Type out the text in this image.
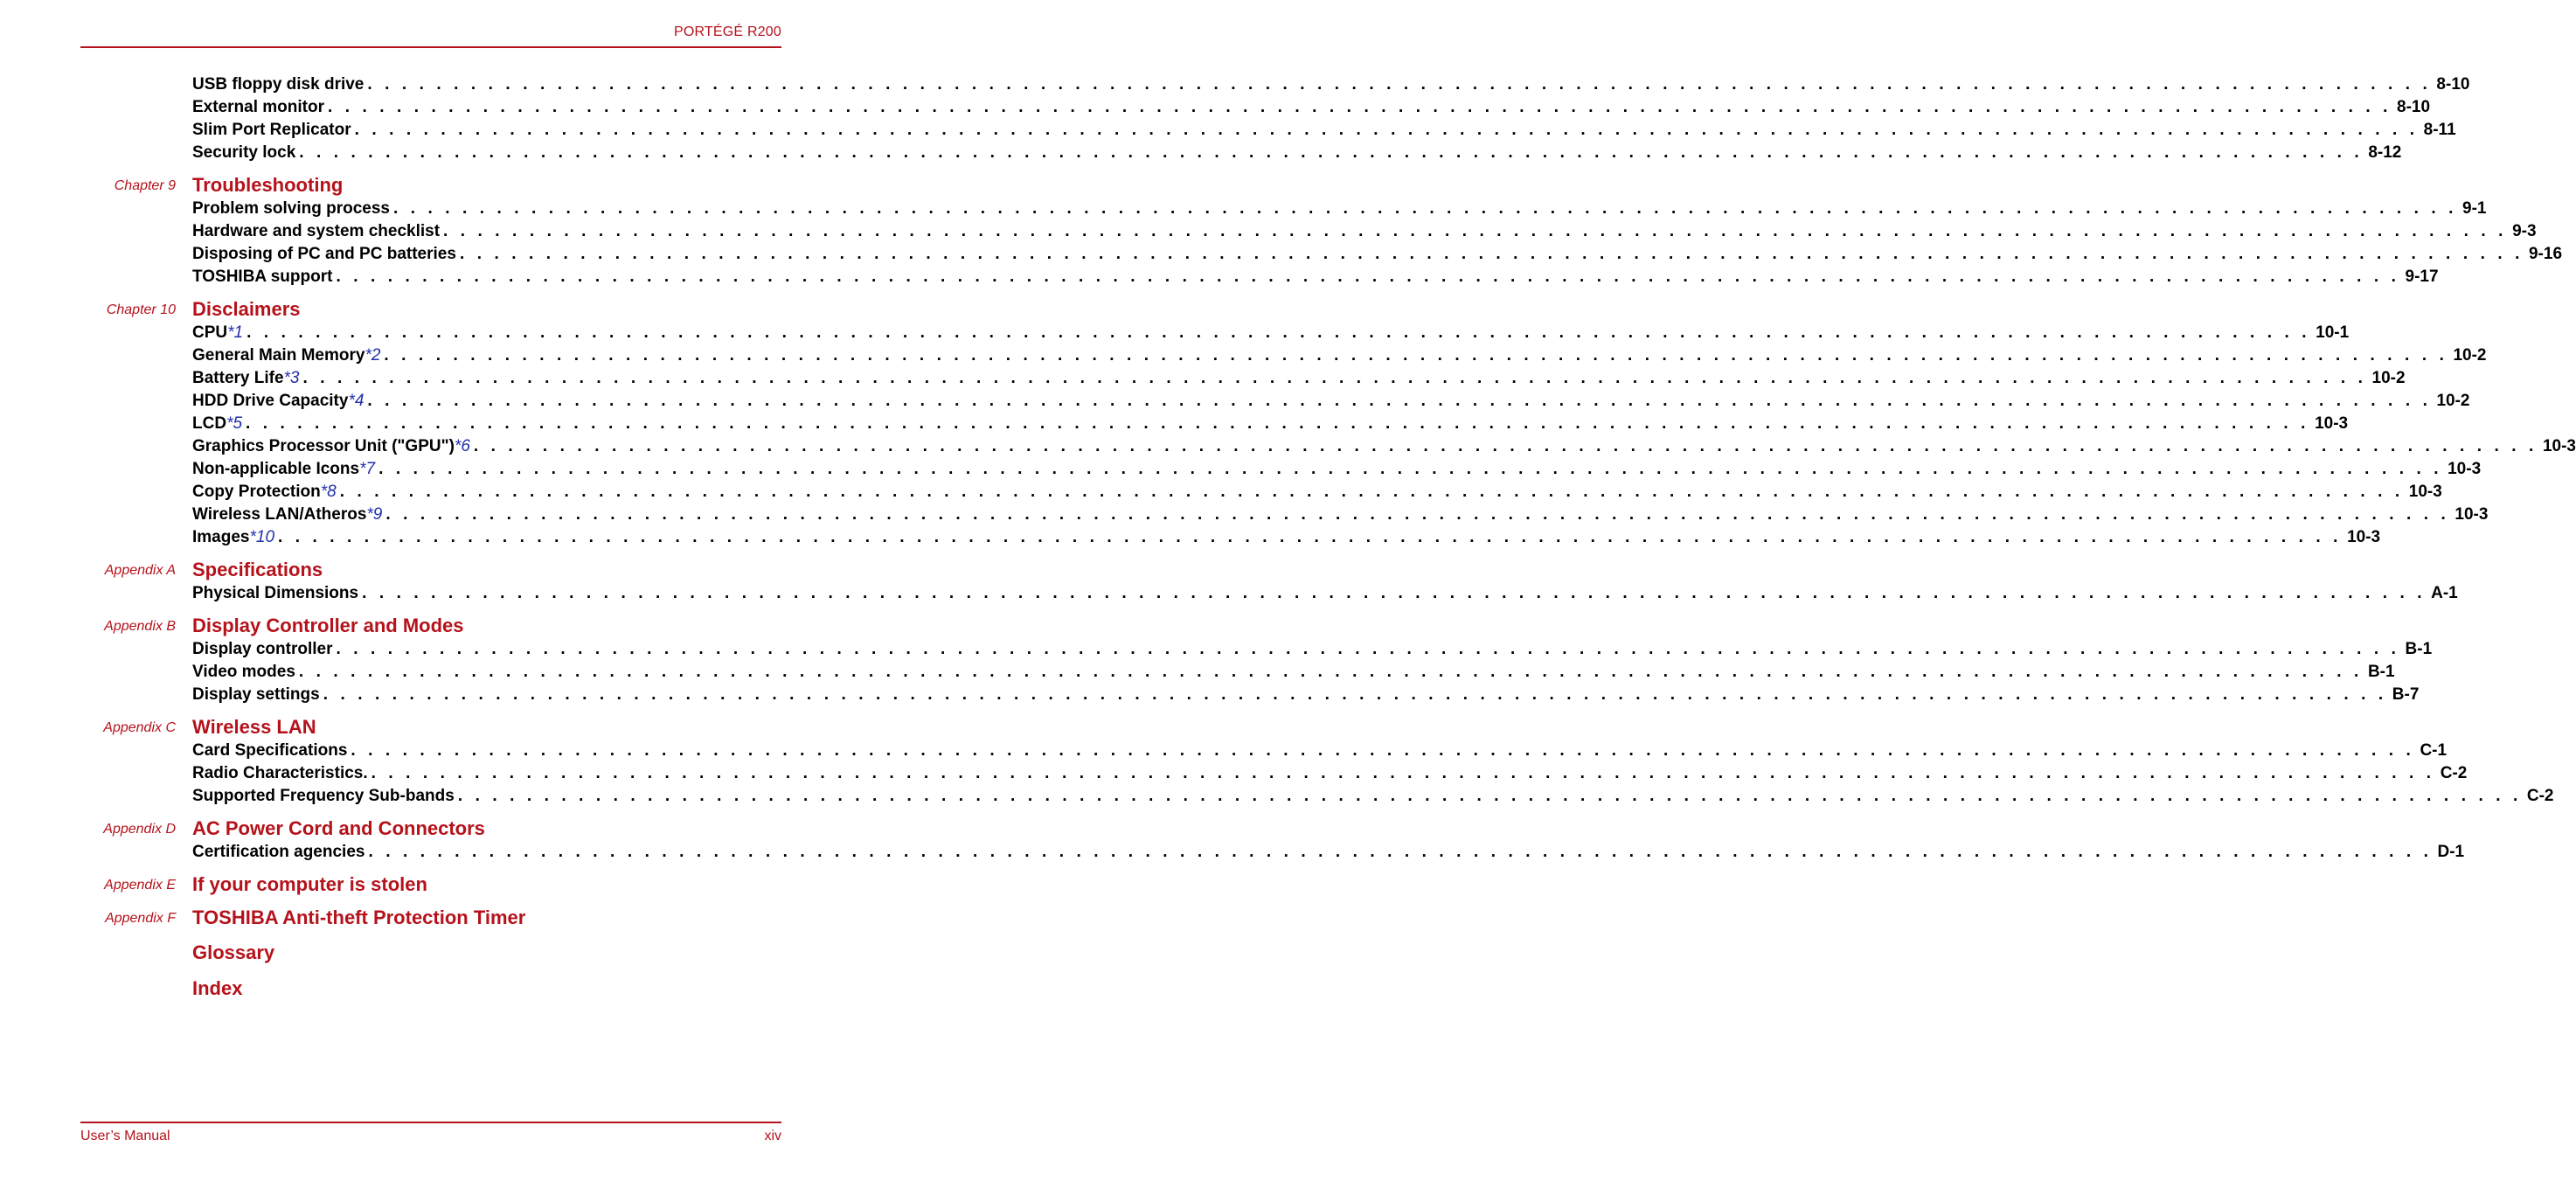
PORTÉGÉ R200
USB floppy disk drive . . . . . . . . . . . . . . . . . . . . . . . . . . . . . . . . . . . . . . . . . . . . . . . . . . . . . . . . . . . . . . . . . . . . . . . . . . . . . . . . . . . . . . . . . . . . . . . . . . . . . . . . . . . . . . . . . . . . . . . . 8-10
External monitor . . . . . . . . . . . . . . . . . . . . . . . . . . . . . . . . . . . . . . . . . . . . . . . . . . . . . . . . . . . . . . . . . . . . . . . . . . . . . . . . . . . . . . . . . . . . . . . . . . . . . . . . . . . . . . . . . . . . . . . . 8-10
Slim Port Replicator . . . . . . . . . . . . . . . . . . . . . . . . . . . . . . . . . . . . . . . . . . . . . . . . . . . . . . . . . . . . . . . . . . . . . . . . . . . . . . . . . . . . . . . . . . . . . . . . . . . . . . . . . . . . . . . . . . . . . . . . 8-11
Security lock . . . . . . . . . . . . . . . . . . . . . . . . . . . . . . . . . . . . . . . . . . . . . . . . . . . . . . . . . . . . . . . . . . . . . . . . . . . . . . . . . . . . . . . . . . . . . . . . . . . . . . . . . . . . . . . . . . . . . . . . 8-12
Chapter 9 Troubleshooting
Problem solving process . . . . . . . . . . . . . . . . . . . . . . . . . . . . . . . . . . . . . . . . . . . . . . . . . . . . . . . . . . . . . . . . . . . . . . . . . . . . . . . . . . . . . . . . . . . . . . . . . . . . . . . . . . . . . . . . . . . . . . . . 9-1
Hardware and system checklist . . . . . . . . . . . . . . . . . . . . . . . . . . . . . . . . . . . . . . . . . . . . . . . . . . . . . . . . . . . . . . . . . . . . . . . . . . . . . . . . . . . . . . . . . . . . . . . . . . . . . . . . . . . . . . . . . . . . . . . . 9-3
Disposing of PC and PC batteries . . . . . . . . . . . . . . . . . . . . . . . . . . . . . . . . . . . . . . . . . . . . . . . . . . . . . . . . . . . . . . . . . . . . . . . . . . . . . . . . . . . . . . . . . . . . . . . . . . . . . . . . . . . . . . . . . . . . . . . . 9-16
TOSHIBA support . . . . . . . . . . . . . . . . . . . . . . . . . . . . . . . . . . . . . . . . . . . . . . . . . . . . . . . . . . . . . . . . . . . . . . . . . . . . . . . . . . . . . . . . . . . . . . . . . . . . . . . . . . . . . . . . . . . . . . . . 9-17
Chapter 10 Disclaimers
CPU*1 . . . . . . . . . . . . . . . . . . . . . . . . . . . . . . . . . . . . . . . . . . . . . . . . . . . . . . . . . . . . . . . . . . . . . . . . . . . . . . . . . . . . . . . . . . . . . . . . . . . . . . . . . . . . . . . . . . . . . . . . 10-1
General Main Memory*2 . . . . . . . . . . . . . . . . . . . . . . . . . . . . . . . . . . . . . . . . . . . . . . . . . . . . . . . . . . . . . . . . . . . . . . . . . . . . . . . . . . . . . . . . . . . . . . . . . . . . . . . . . . . . . . . . . . . . . . . . 10-2
Battery Life*3 . . . . . . . . . . . . . . . . . . . . . . . . . . . . . . . . . . . . . . . . . . . . . . . . . . . . . . . . . . . . . . . . . . . . . . . . . . . . . . . . . . . . . . . . . . . . . . . . . . . . . . . . . . . . . . . . . . . . . . . . 10-2
HDD Drive Capacity*4 . . . . . . . . . . . . . . . . . . . . . . . . . . . . . . . . . . . . . . . . . . . . . . . . . . . . . . . . . . . . . . . . . . . . . . . . . . . . . . . . . . . . . . . . . . . . . . . . . . . . . . . . . . . . . . . . . . . . . . . . 10-2
LCD*5 . . . . . . . . . . . . . . . . . . . . . . . . . . . . . . . . . . . . . . . . . . . . . . . . . . . . . . . . . . . . . . . . . . . . . . . . . . . . . . . . . . . . . . . . . . . . . . . . . . . . . . . . . . . . . . . . . . . . . . . . 10-3
Graphics Processor Unit ("GPU")*6 . . . . . . . . . . . . . . . . . . . . . . . . . . . . . . . . . . . . . . . . . . . . . . . . . . . . . . . . . . . . . . . . . . . . . . . . . . . . . . . . . . . . . . . . . . . . . . . . . . . . . . . . . . . . . . . . . . . . . . . . 10-3
Non-applicable Icons*7 . . . . . . . . . . . . . . . . . . . . . . . . . . . . . . . . . . . . . . . . . . . . . . . . . . . . . . . . . . . . . . . . . . . . . . . . . . . . . . . . . . . . . . . . . . . . . . . . . . . . . . . . . . . . . . . . . . . . . . . . 10-3
Copy Protection*8 . . . . . . . . . . . . . . . . . . . . . . . . . . . . . . . . . . . . . . . . . . . . . . . . . . . . . . . . . . . . . . . . . . . . . . . . . . . . . . . . . . . . . . . . . . . . . . . . . . . . . . . . . . . . . . . . . . . . . . . . 10-3
Wireless LAN/Atheros*9 . . . . . . . . . . . . . . . . . . . . . . . . . . . . . . . . . . . . . . . . . . . . . . . . . . . . . . . . . . . . . . . . . . . . . . . . . . . . . . . . . . . . . . . . . . . . . . . . . . . . . . . . . . . . . . . . . . . . . . . . 10-3
Images*10 . . . . . . . . . . . . . . . . . . . . . . . . . . . . . . . . . . . . . . . . . . . . . . . . . . . . . . . . . . . . . . . . . . . . . . . . . . . . . . . . . . . . . . . . . . . . . . . . . . . . . . . . . . . . . . . . . . . . . . . . 10-3
Appendix A Specifications
Physical Dimensions . . . . . . . . . . . . . . . . . . . . . . . . . . . . . . . . . . . . . . . . . . . . . . . . . . . . . . . . . . . . . . . . . . . . . . . . . . . . . . . . . . . . . . . . . . . . . . . . . . . . . . . . . . . . . . . . . . . . . . . . A-1
Appendix B Display Controller and Modes
Display controller . . . . . . . . . . . . . . . . . . . . . . . . . . . . . . . . . . . . . . . . . . . . . . . . . . . . . . . . . . . . . . . . . . . . . . . . . . . . . . . . . . . . . . . . . . . . . . . . . . . . . . . . . . . . . . . . . . . . . . . . B-1
Video modes . . . . . . . . . . . . . . . . . . . . . . . . . . . . . . . . . . . . . . . . . . . . . . . . . . . . . . . . . . . . . . . . . . . . . . . . . . . . . . . . . . . . . . . . . . . . . . . . . . . . . . . . . . . . . . . . . . . . . . . . B-1
Display settings . . . . . . . . . . . . . . . . . . . . . . . . . . . . . . . . . . . . . . . . . . . . . . . . . . . . . . . . . . . . . . . . . . . . . . . . . . . . . . . . . . . . . . . . . . . . . . . . . . . . . . . . . . . . . . . . . . . . . . . . B-7
Appendix C Wireless LAN
Card Specifications . . . . . . . . . . . . . . . . . . . . . . . . . . . . . . . . . . . . . . . . . . . . . . . . . . . . . . . . . . . . . . . . . . . . . . . . . . . . . . . . . . . . . . . . . . . . . . . . . . . . . . . . . . . . . . . . . . . . . . . . C-1
Radio Characteristics. . . . . . . . . . . . . . . . . . . . . . . . . . . . . . . . . . . . . . . . . . . . . . . . . . . . . . . . . . . . . . . . . . . . . . . . . . . . . . . . . . . . . . . . . . . . . . . . . . . . . . . . . . . . . . . . . . . . . . . . . C-2
Supported Frequency Sub-bands . . . . . . . . . . . . . . . . . . . . . . . . . . . . . . . . . . . . . . . . . . . . . . . . . . . . . . . . . . . . . . . . . . . . . . . . . . . . . . . . . . . . . . . . . . . . . . . . . . . . . . . . . . . . . . . . . . . . . . . . C-2
Appendix D AC Power Cord and Connectors
Certification agencies . . . . . . . . . . . . . . . . . . . . . . . . . . . . . . . . . . . . . . . . . . . . . . . . . . . . . . . . . . . . . . . . . . . . . . . . . . . . . . . . . . . . . . . . . . . . . . . . . . . . . . . . . . . . . . . . . . . . . . . . D-1
Appendix E If your computer is stolen
Appendix F TOSHIBA Anti-theft Protection Timer
Glossary
Index
User’s Manual	xiv
